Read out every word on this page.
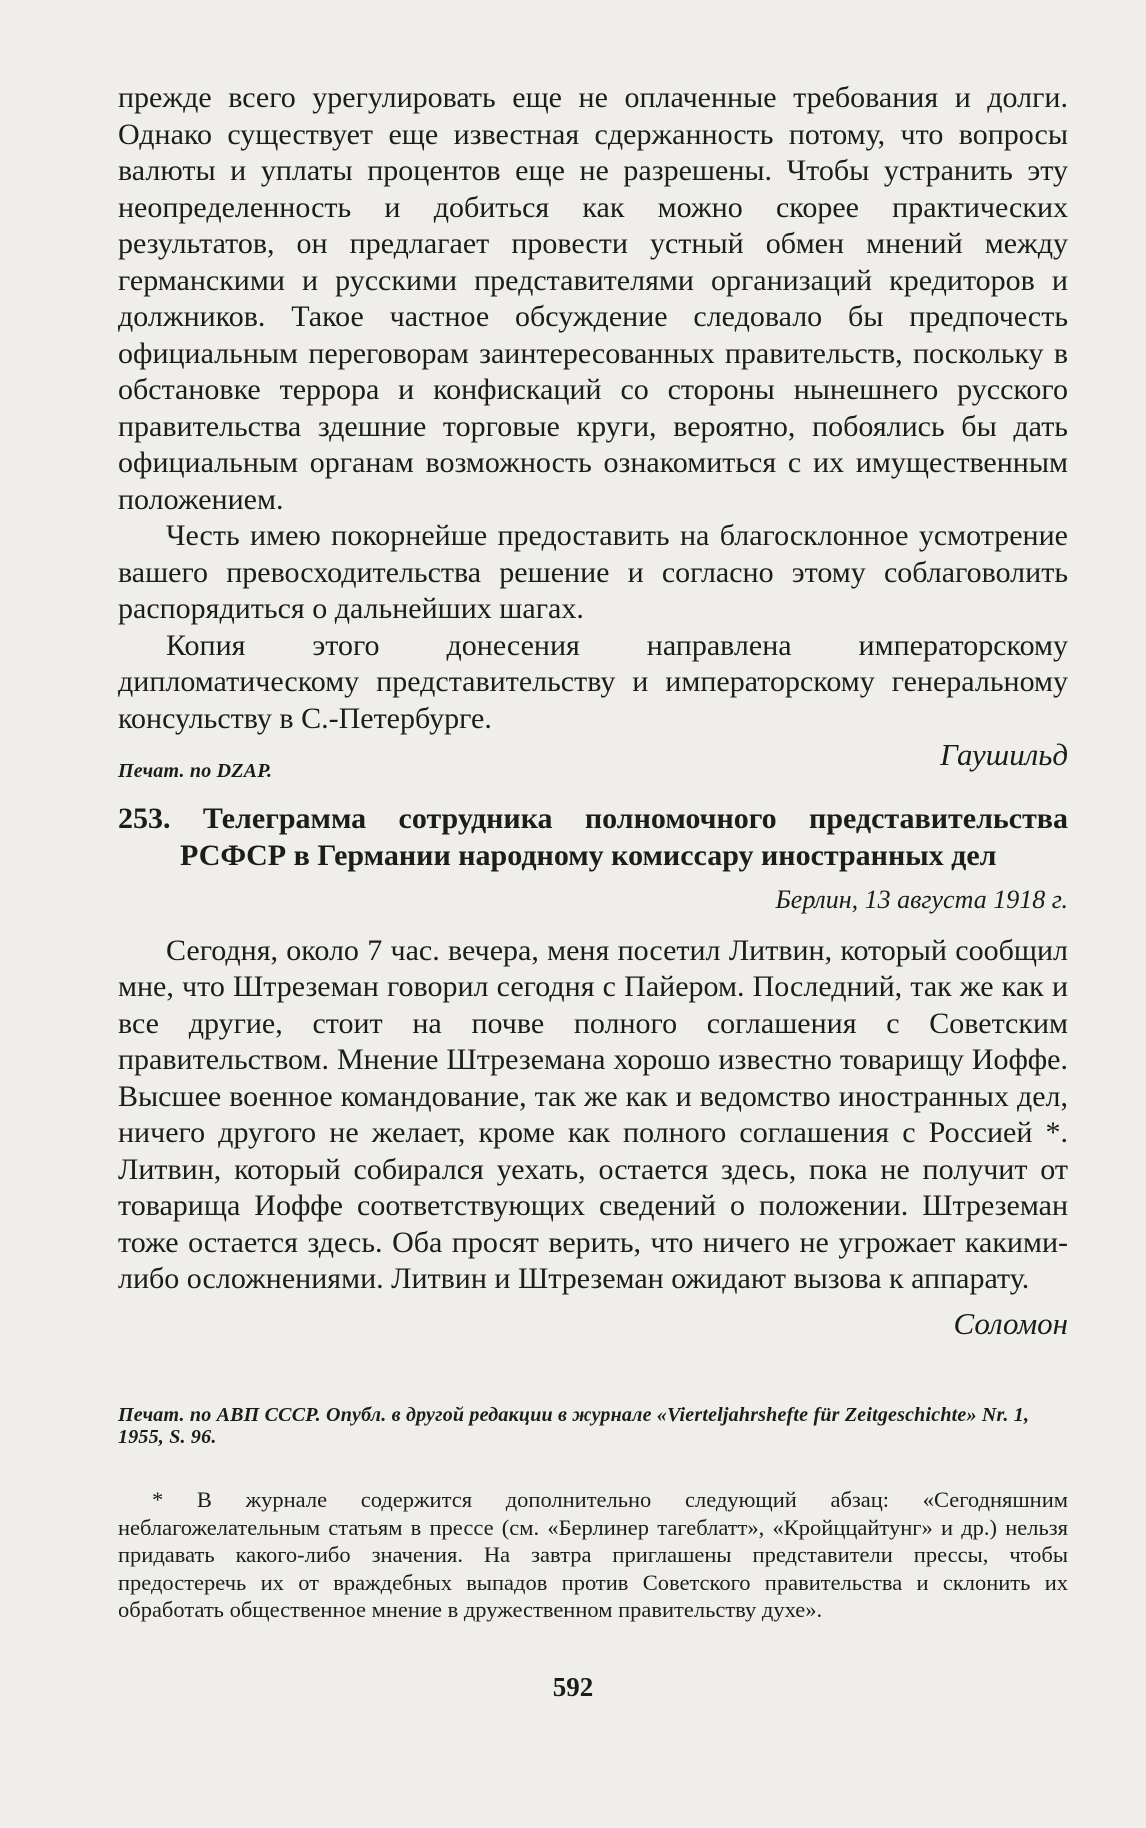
прежде всего урегулировать еще не оплаченные требования и долги. Однако существует еще известная сдержанность потому, что вопросы валюты и уплаты процентов еще не разрешены. Чтобы устранить эту неопределенность и добиться как можно скорее практических результатов, он предлагает провести устный обмен мнений между германскими и русскими представителями организаций кредиторов и должников. Такое частное обсуждение следовало бы предпочесть официальным переговорам заинтересованных правительств, поскольку в обстановке террора и конфискаций со стороны нынешнего русского правительства здешние торговые круги, вероятно, побоялись бы дать официальным органам возможность ознакомиться с их имущественным положением.

Честь имею покорнейше предоставить на благосклонное усмотрение вашего превосходительства решение и согласно этому соблаговолить распорядиться о дальнейших шагах.

Копия этого донесения направлена императорскому дипломатическому представительству и императорскому генеральному консульству в С.-Петербурге.

Гаушильд

Печат. по DZAP.

253. Телеграмма сотрудника полномочного представительства РСФСР в Германии народному комиссару иностранных дел

Берлин, 13 августа 1918 г.

Сегодня, около 7 час. вечера, меня посетил Литвин, который сообщил мне, что Штреземан говорил сегодня с Пайером. Последний, так же как и все другие, стоит на почве полного соглашения с Советским правительством. Мнение Штреземана хорошо известно товарищу Иоффе. Высшее военное командование, так же как и ведомство иностранных дел, ничего другого не желает, кроме как полного соглашения с Россией *. Литвин, который собирался уехать, остается здесь, пока не получит от товарища Иоффе соответствующих сведений о положении. Штреземан тоже остается здесь. Оба просят верить, что ничего не угрожает какими-либо осложнениями. Литвин и Штреземан ожидают вызова к аппарату.

Соломон

Печат. по АВП СССР. Опубл. в другой редакции в журнале «Vierteljahrshefte für Zeitgeschichte» Nr. 1, 1955, S. 96.

* В журнале содержится дополнительно следующий абзац: «Сегодняшним неблагожелательным статьям в прессе (см. «Берлинер тагеблатт», «Кройццайтунг» и др.) нельзя придавать какого-либо значения. На завтра приглашены представители прессы, чтобы предостеречь их от враждебных выпадов против Советского правительства и склонить их обработать общественное мнение в дружественном правительству духе».

592
